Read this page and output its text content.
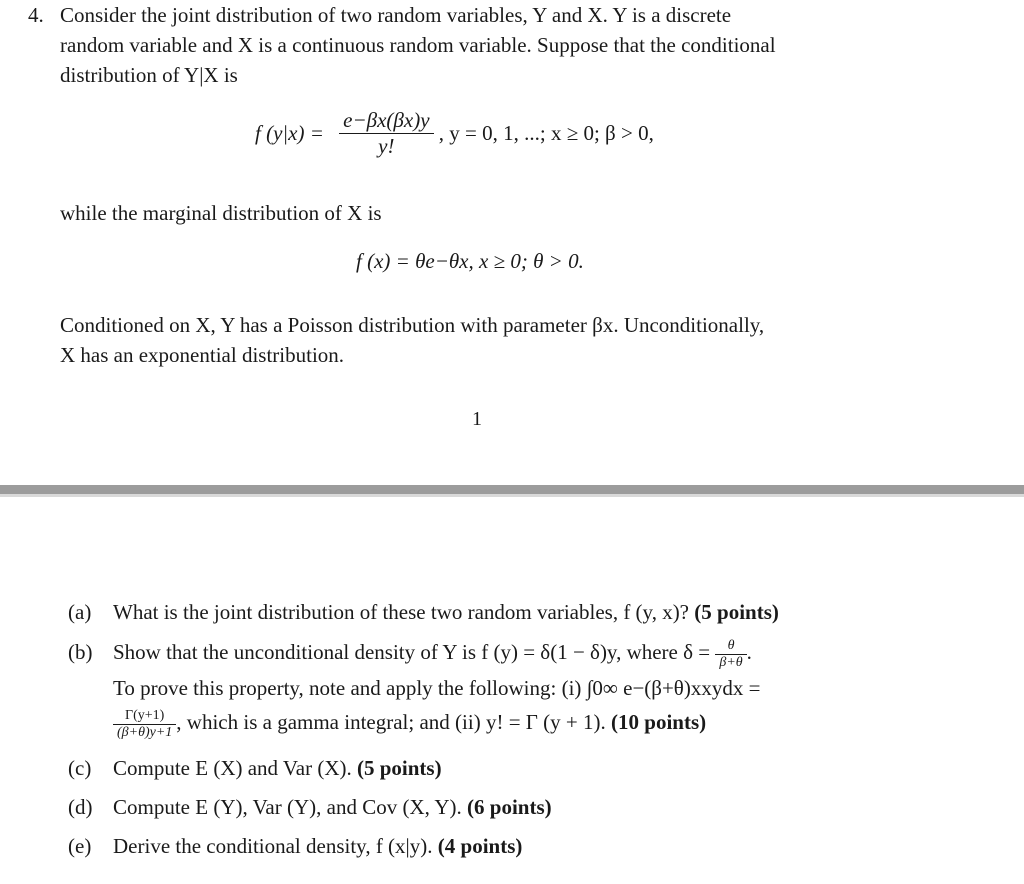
4. Consider the joint distribution of two random variables, Y and X. Y is a discrete
random variable and X is a continuous random variable. Suppose that the conditional
distribution of Y|X is
f $(y|x) = \frac{e-\beta x(\beta x)y}{y!}$ , y = 0, 1, ...; x ≥ 0; β > 0,
while the marginal distribution of X is
f (x) = θe−θx, x ≥ 0; θ > 0.
Conditioned on X, Y has a Poisson distribution with parameter βx. Unconditionally,
X has an exponential distribution.
1
(a) What is the joint distribution of these two random variables, f (y, x)? (5 points)
(b) Show that the unconditional density of Y is f (y) = δ(1 − δ)y, where $\delta = \frac{\theta}{\beta+\theta}$ .
To prove this property, note and apply the following: (i) ∫0∞ e−(β+θ)xxydx =
$\frac{\Gamma(y+1)}{(\beta+\theta)y+1}$ , which is a gamma integral; and (ii) y! = Γ (y + 1). (10 points)
(c) Compute E (X) and Var (X). (5 points)
(d) Compute E (Y), Var (Y), and Cov (X, Y). (6 points)
(e) Derive the conditional density, f (x|y). (4 points)
